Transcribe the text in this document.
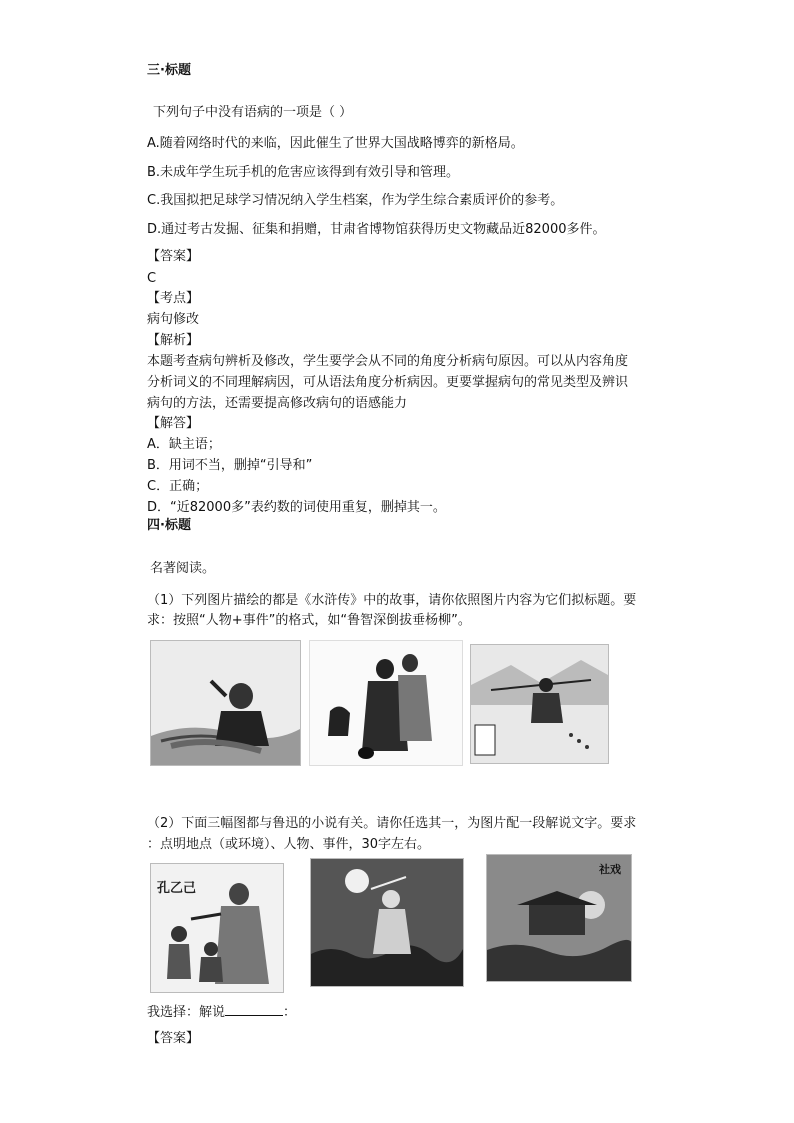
三·标题
下列句子中没有语病的一项是（ ）
A.随着网络时代的来临，因此催生了世界大国战略博弈的新格局。
B.未成年学生玩手机的危害应该得到有效引导和管理。
C.我国拟把足球学习情况纳入学生档案，作为学生综合素质评价的参考。
D.通过考古发掘、征集和捐赠，甘肃省博物馆获得历史文物藏品近82000多件。
【答案】
C
【考点】
病句修改
【解析】
本题考查病句辨析及修改，学生要学会从不同的角度分析病句原因。可以从内容角度
分析词义的不同理解病因，可从语法角度分析病因。更要掌握病句的常见类型及辨识
病句的方法，还需要提高修改病句的语感能力
【解答】
A．缺主语；
B．用词不当，删掉“引导和”
C．正确；
D．“近82000多”表约数的词使用重复，删掉其一。
四·标题
名著阅读。
（1）下列图片描绘的都是《水浒传》中的故事，请你依照图片内容为它们拟标题。要
求：按照“人物+事件”的格式，如“鲁智深倒拔垂杨柳”。
（2）下面三幅图都与鲁迅的小说有关。请你任选其一，为图片配一段解说文字。要求
：点明地点（或环境）、人物、事件，30字左右。
孔乙己
社戏
我选择：解说	：
【答案】
